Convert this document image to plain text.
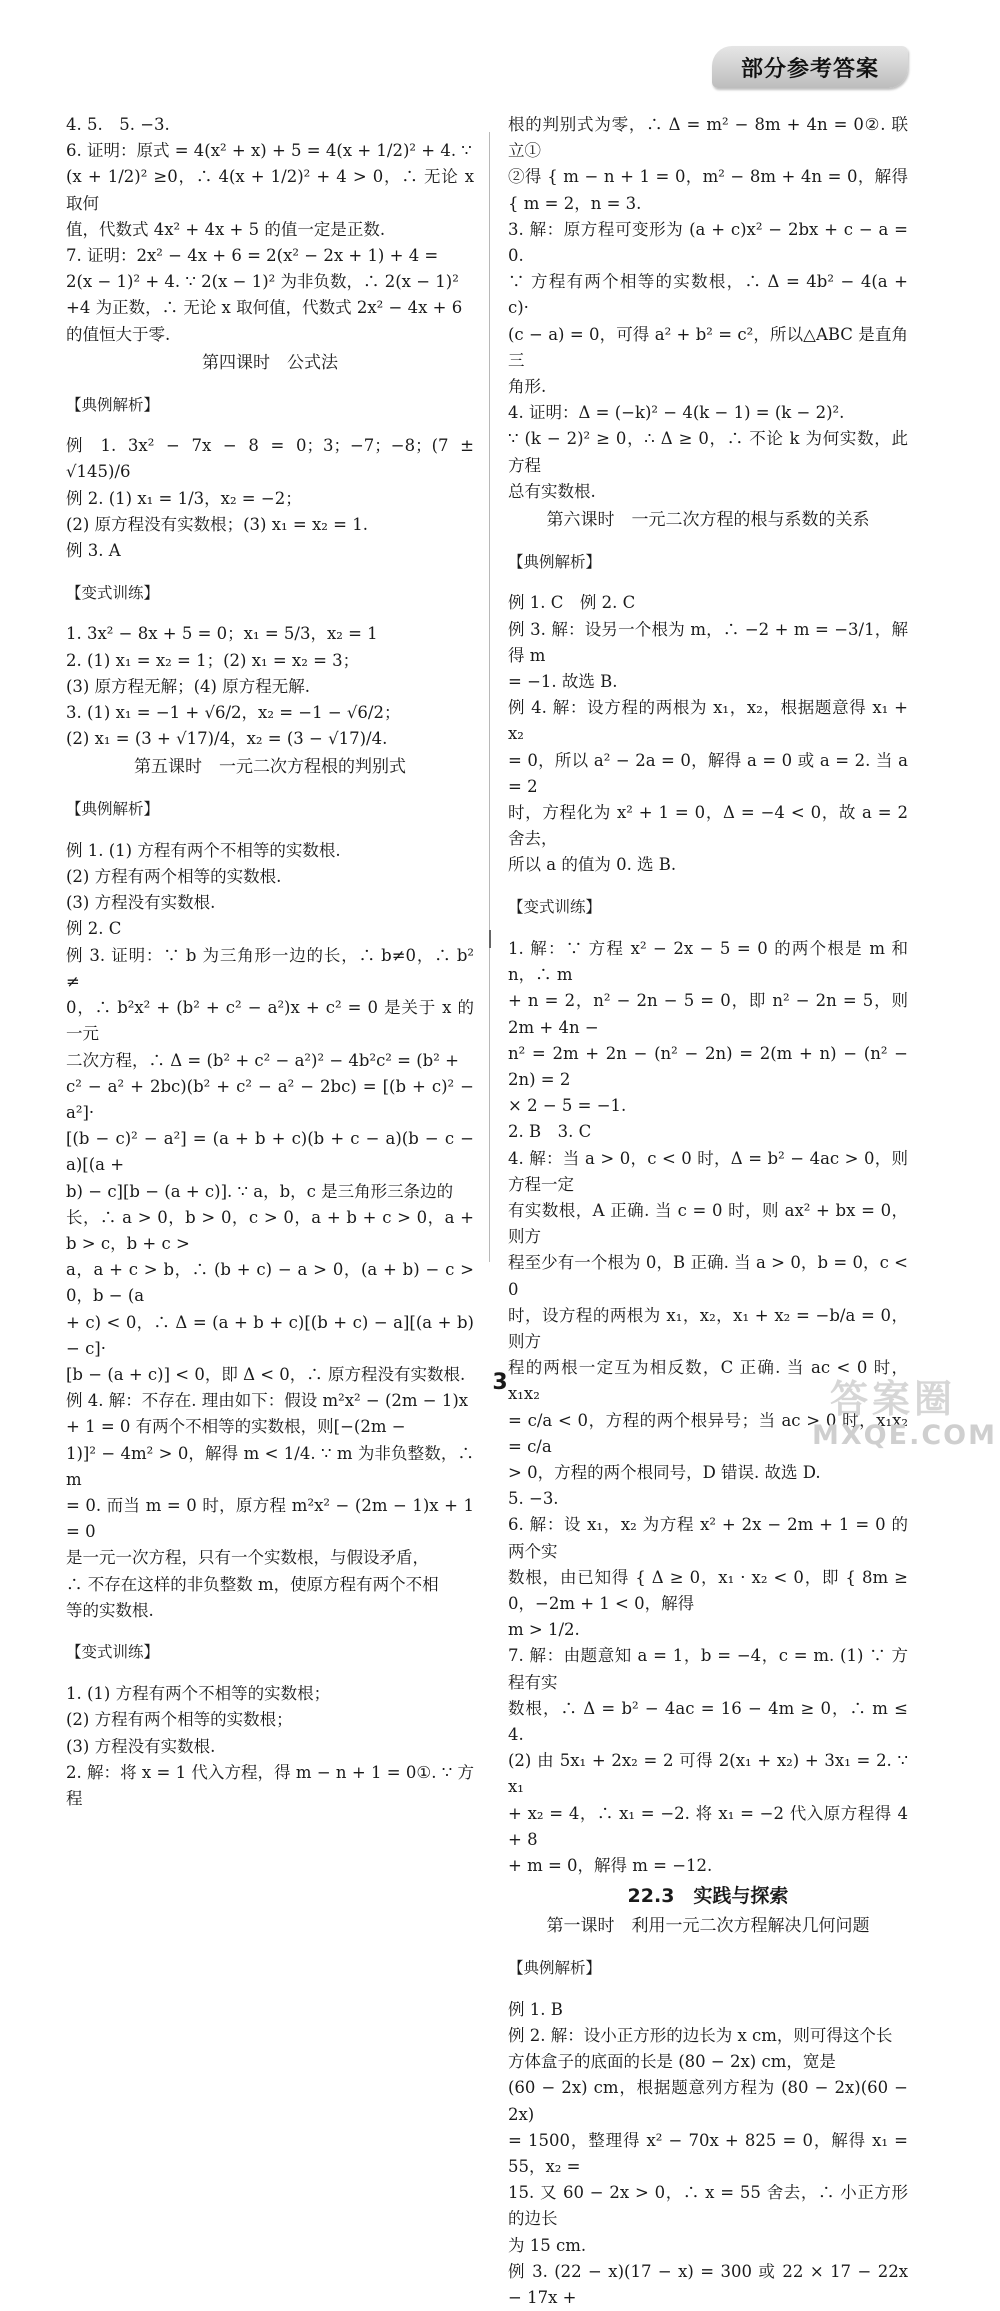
部分参考答案

4. 5.　5. −3.

6. 证明：原式 = 4(x² + x) + 5 = 4(x + 1/2)² + 4. ∵

(x + 1/2)² ≥0，∴ 4(x + 1/2)² + 4 > 0，∴ 无论 x 取何

值，代数式 4x² + 4x + 5 的值一定是正数.

7. 证明：2x² − 4x + 6 = 2(x² − 2x + 1) + 4 =

2(x − 1)² + 4. ∵ 2(x − 1)² 为非负数，∴ 2(x − 1)²

+4 为正数，∴ 无论 x 取何值，代数式 2x² − 4x + 6

的值恒大于零.

第四课时　公式法

【典例解析】

例 1. 3x² − 7x − 8 = 0；3；−7；−8；(7 ± √145)/6

例 2. (1) x₁ = 1/3，x₂ = −2；

(2) 原方程没有实数根；(3) x₁ = x₂ = 1.

例 3. A

【变式训练】

1. 3x² − 8x + 5 = 0；x₁ = 5/3，x₂ = 1

2. (1) x₁ = x₂ = 1；(2) x₁ = x₂ = 3；

(3) 原方程无解；(4) 原方程无解.

3. (1) x₁ = −1 + √6/2，x₂ = −1 − √6/2；

(2) x₁ = (3 + √17)/4，x₂ = (3 − √17)/4.

第五课时　一元二次方程根的判别式

【典例解析】

例 1. (1) 方程有两个不相等的实数根.

(2) 方程有两个相等的实数根.

(3) 方程没有实数根.

例 2. C

例 3. 证明：∵ b 为三角形一边的长，∴ b≠0，∴ b² ≠

0，∴ b²x² + (b² + c² − a²)x + c² = 0 是关于 x 的一元

二次方程，∴ Δ = (b² + c² − a²)² − 4b²c² = (b² +

c² − a² + 2bc)(b² + c² − a² − 2bc) = [(b + c)² − a²]·

[(b − c)² − a²] = (a + b + c)(b + c − a)(b − c − a)[(a +

b) − c][b − (a + c)]. ∵ a，b，c 是三角形三条边的

长，∴ a > 0，b > 0，c > 0，a + b + c > 0，a + b > c，b + c >

a，a + c > b，∴ (b + c) − a > 0，(a + b) − c > 0，b − (a

+ c) < 0，∴ Δ = (a + b + c)[(b + c) − a][(a + b) − c]·

[b − (a + c)] < 0，即 Δ < 0，∴ 原方程没有实数根.

例 4. 解：不存在. 理由如下：假设 m²x² − (2m − 1)x

+ 1 = 0 有两个不相等的实数根，则[−(2m −

1)]² − 4m² > 0，解得 m < 1/4. ∵ m 为非负整数，∴ m

= 0. 而当 m = 0 时，原方程 m²x² − (2m − 1)x + 1 = 0

是一元一次方程，只有一个实数根，与假设矛盾，

∴ 不存在这样的非负整数 m，使原方程有两个不相

等的实数根.

【变式训练】

1. (1) 方程有两个不相等的实数根；

(2) 方程有两个相等的实数根；

(3) 方程没有实数根.

2. 解：将 x = 1 代入方程，得 m − n + 1 = 0①. ∵ 方程

根的判别式为零，∴ Δ = m² − 8m + 4n = 0②. 联立①

②得 { m − n + 1 = 0，m² − 8m + 4n = 0，解得 { m = 2，n = 3.

3. 解：原方程可变形为 (a + c)x² − 2bx + c − a = 0.

∵ 方程有两个相等的实数根，∴ Δ = 4b² − 4(a + c)·

(c − a) = 0，可得 a² + b² = c²，所以△ABC 是直角三

角形.

4. 证明：Δ = (−k)² − 4(k − 1) = (k − 2)².

∵ (k − 2)² ≥ 0，∴ Δ ≥ 0，∴ 不论 k 为何实数，此方程

总有实数根.

第六课时　一元二次方程的根与系数的关系

【典例解析】

例 1. C　例 2. C

例 3. 解：设另一个根为 m，∴ −2 + m = −3/1，解得 m

= −1. 故选 B.

例 4. 解：设方程的两根为 x₁，x₂，根据题意得 x₁ + x₂

= 0，所以 a² − 2a = 0，解得 a = 0 或 a = 2. 当 a = 2

时，方程化为 x² + 1 = 0，Δ = −4 < 0，故 a = 2 舍去，

所以 a 的值为 0. 选 B.

【变式训练】

1. 解：∵ 方程 x² − 2x − 5 = 0 的两个根是 m 和 n，∴ m

+ n = 2，n² − 2n − 5 = 0，即 n² − 2n = 5，则 2m + 4n −

n² = 2m + 2n − (n² − 2n) = 2(m + n) − (n² − 2n) = 2

× 2 − 5 = −1.

2. B　3. C

4. 解：当 a > 0，c < 0 时，Δ = b² − 4ac > 0，则方程一定

有实数根，A 正确. 当 c = 0 时，则 ax² + bx = 0，则方

程至少有一个根为 0，B 正确. 当 a > 0，b = 0，c < 0

时，设方程的两根为 x₁，x₂，x₁ + x₂ = −b/a = 0，则方

程的两根一定互为相反数，C 正确. 当 ac < 0 时，x₁x₂

= c/a < 0，方程的两个根异号；当 ac > 0 时，x₁x₂ = c/a

> 0，方程的两个根同号，D 错误. 故选 D.

5. −3.

6. 解：设 x₁，x₂ 为方程 x² + 2x − 2m + 1 = 0 的两个实

数根，由已知得 { Δ ≥ 0，x₁ · x₂ < 0，即 { 8m ≥ 0，−2m + 1 < 0，解得

m > 1/2.

7. 解：由题意知 a = 1，b = −4，c = m. (1) ∵ 方程有实

数根，∴ Δ = b² − 4ac = 16 − 4m ≥ 0，∴ m ≤ 4.

(2) 由 5x₁ + 2x₂ = 2 可得 2(x₁ + x₂) + 3x₁ = 2. ∵ x₁

+ x₂ = 4，∴ x₁ = −2. 将 x₁ = −2 代入原方程得 4 + 8

+ m = 0，解得 m = −12.

22.3　实践与探索

第一课时　利用一元二次方程解决几何问题

【典例解析】

例 1. B

例 2. 解：设小正方形的边长为 x cm，则可得这个长

方体盒子的底面的长是 (80 − 2x) cm，宽是

(60 − 2x) cm，根据题意列方程为 (80 − 2x)(60 − 2x)

= 1500，整理得 x² − 70x + 825 = 0，解得 x₁ = 55，x₂ =

15. 又 60 − 2x > 0，∴ x = 55 舍去，∴ 小正方形的边长

为 15 cm.

例 3. (22 − x)(17 − x) = 300 或 22 × 17 − 22x − 17x +

3	答案圈
MXQE.COM
